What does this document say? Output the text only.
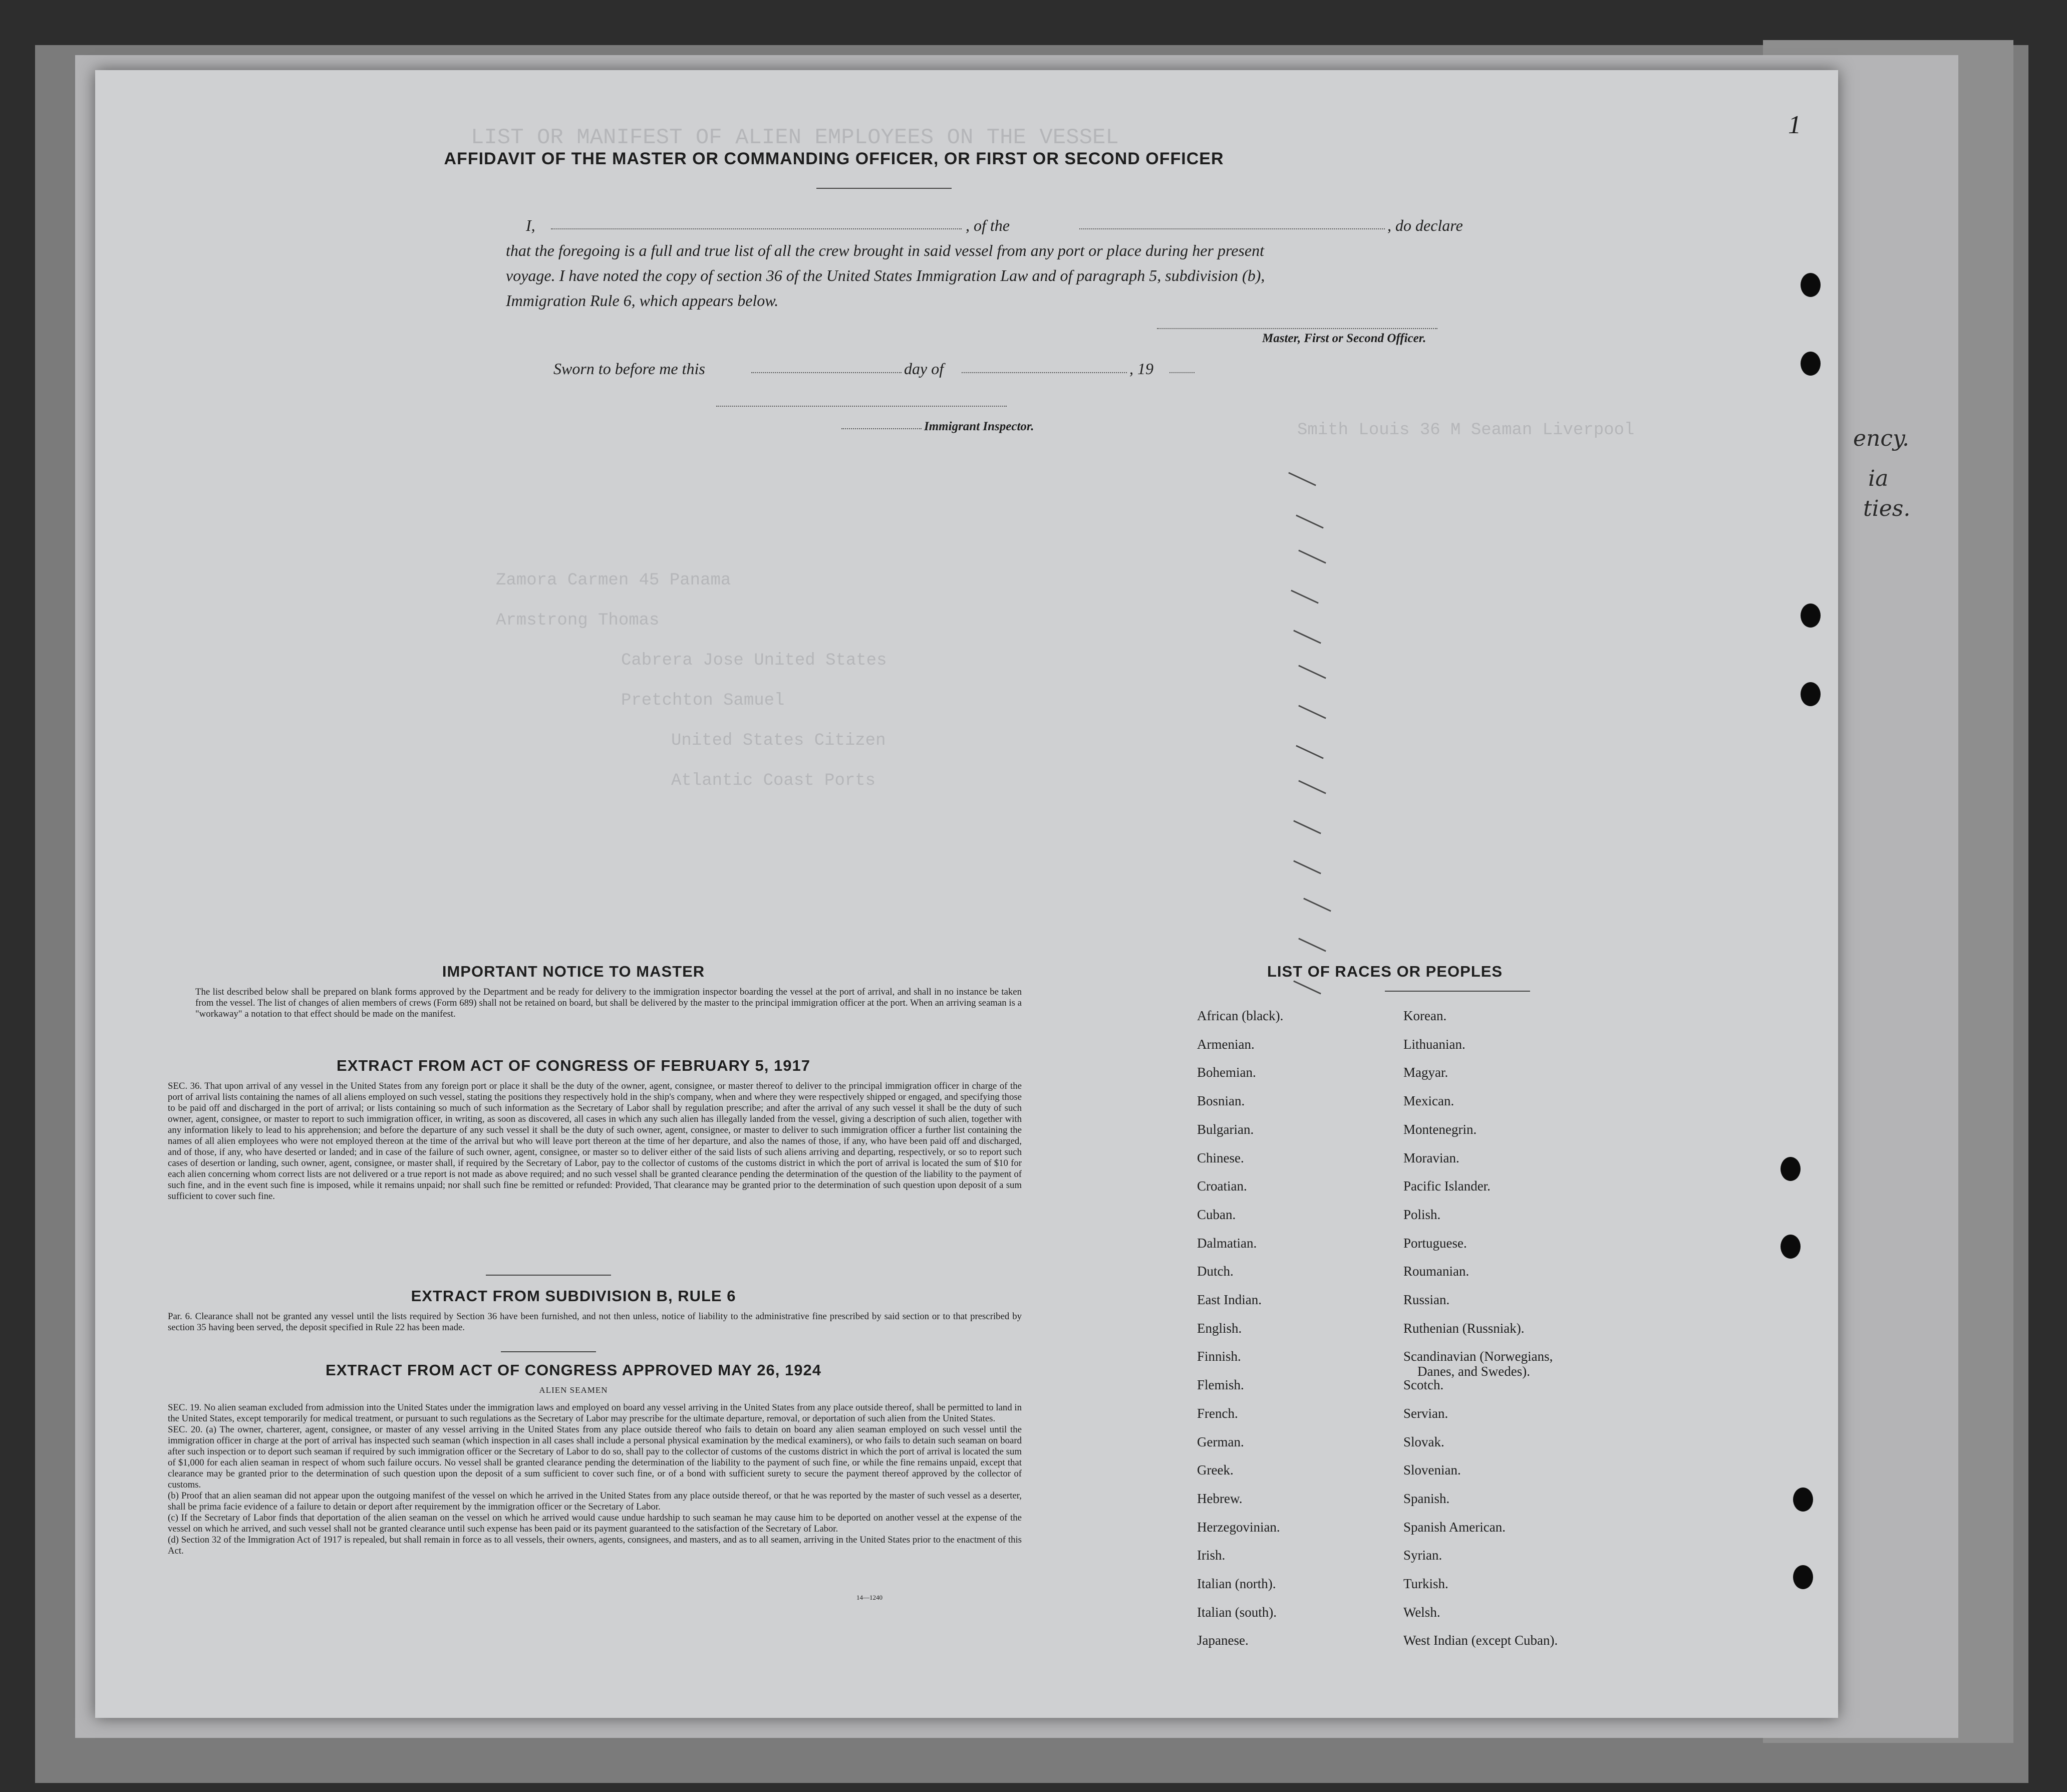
ency.
ia
ties.
LIST OR MANIFEST OF ALIEN EMPLOYEES ON THE VESSEL
Smith Louis 36 M Seaman Liverpool
Zamora Carmen 45 Panama
Armstrong Thomas
Cabrera Jose United States
Pretchton Samuel
United States Citizen
Atlantic Coast Ports
1
AFFIDAVIT OF THE MASTER OR COMMANDING OFFICER, OR FIRST OR SECOND OFFICER
I,	, of the	, do declare
that the foregoing is a full and true list of all the crew brought in said vessel from any port or place during her present
voyage. I have noted the copy of section 36 of the United States Immigration Law and of paragraph 5, subdivision (b),
Immigration Rule 6, which appears below.
Master, First or Second Officer.
Sworn to before me this	day of	, 19
Immigrant Inspector.
IMPORTANT NOTICE TO MASTER
The list described below shall be prepared on blank forms approved by the Department and be ready for delivery to the immigration inspector boarding the vessel at the port of arrival, and shall in no instance be taken from the vessel. The list of changes of alien members of crews (Form 689) shall not be retained on board, but shall be delivered by the master to the principal immigration officer at the port. When an arriving seaman is a "workaway" a notation to that effect should be made on the manifest.
EXTRACT FROM ACT OF CONGRESS OF FEBRUARY 5, 1917
SEC. 36. That upon arrival of any vessel in the United States from any foreign port or place it shall be the duty of the owner, agent, consignee, or master thereof to deliver to the principal immigration officer in charge of the port of arrival lists containing the names of all aliens employed on such vessel, stating the positions they respectively hold in the ship's company, when and where they were respectively shipped or engaged, and specifying those to be paid off and discharged in the port of arrival; or lists containing so much of such information as the Secretary of Labor shall by regulation prescribe; and after the arrival of any such vessel it shall be the duty of such owner, agent, consignee, or master to report to such immigration officer, in writing, as soon as discovered, all cases in which any such alien has illegally landed from the vessel, giving a description of such alien, together with any information likely to lead to his apprehension; and before the departure of any such vessel it shall be the duty of such owner, agent, consignee, or master to deliver to such immigration officer a further list containing the names of all alien employees who were not employed thereon at the time of the arrival but who will leave port thereon at the time of her departure, and also the names of those, if any, who have been paid off and discharged, and of those, if any, who have deserted or landed; and in case of the failure of such owner, agent, consignee, or master so to deliver either of the said lists of such aliens arriving and departing, respectively, or so to report such cases of desertion or landing, such owner, agent, consignee, or master shall, if required by the Secretary of Labor, pay to the collector of customs of the customs district in which the port of arrival is located the sum of $10 for each alien concerning whom correct lists are not delivered or a true report is not made as above required; and no such vessel shall be granted clearance pending the determination of the question of the liability to the payment of such fine, and in the event such fine is imposed, while it remains unpaid; nor shall such fine be remitted or refunded: Provided, That clearance may be granted prior to the determination of such question upon deposit of a sum sufficient to cover such fine.
EXTRACT FROM SUBDIVISION B, RULE 6
Par. 6. Clearance shall not be granted any vessel until the lists required by Section 36 have been furnished, and not then unless, notice of liability to the administrative fine prescribed by said section or to that prescribed by section 35 having been served, the deposit specified in Rule 22 has been made.
EXTRACT FROM ACT OF CONGRESS APPROVED MAY 26, 1924
ALIEN SEAMEN

SEC. 19. No alien seaman excluded from admission into the United States under the immigration laws and employed on board any vessel arriving in the United States from any place outside thereof, shall be permitted to land in the United States, except temporarily for medical treatment, or pursuant to such regulations as the Secretary of Labor may prescribe for the ultimate departure, removal, or deportation of such alien from the United States.

SEC. 20. (a) The owner, charterer, agent, consignee, or master of any vessel arriving in the United States from any place outside thereof who fails to detain on board any alien seaman employed on such vessel until the immigration officer in charge at the port of arrival has inspected such seaman (which inspection in all cases shall include a personal physical examination by the medical examiners), or who fails to detain such seaman on board after such inspection or to deport such seaman if required by such immigration officer or the Secretary of Labor to do so, shall pay to the collector of customs of the customs district in which the port of arrival is located the sum of $1,000 for each alien seaman in respect of whom such failure occurs. No vessel shall be granted clearance pending the determination of the liability to the payment of such fine, or while the fine remains unpaid, except that clearance may be granted prior to the determination of such question upon the deposit of a sum sufficient to cover such fine, or of a bond with sufficient surety to secure the payment thereof approved by the collector of customs.

(b) Proof that an alien seaman did not appear upon the outgoing manifest of the vessel on which he arrived in the United States from any place outside thereof, or that he was reported by the master of such vessel as a deserter, shall be prima facie evidence of a failure to detain or deport after requirement by the immigration officer or the Secretary of Labor.

(c) If the Secretary of Labor finds that deportation of the alien seaman on the vessel on which he arrived would cause undue hardship to such seaman he may cause him to be deported on another vessel at the expense of the vessel on which he arrived, and such vessel shall not be granted clearance until such expense has been paid or its payment guaranteed to the satisfaction of the Secretary of Labor.

(d) Section 32 of the Immigration Act of 1917 is repealed, but shall remain in force as to all vessels, their owners, agents, consignees, and masters, and as to all seamen, arriving in the United States prior to the enactment of this Act.

14—1240
LIST OF RACES OR PEOPLES
African (black).
Armenian.
Bohemian.
Bosnian.
Bulgarian.
Chinese.
Croatian.
Cuban.
Dalmatian.
Dutch.
East Indian.
English.
Finnish.
Flemish.
French.
German.
Greek.
Hebrew.
Herzegovinian.
Irish.
Italian (north).
Italian (south).
Japanese.
Korean.
Lithuanian.
Magyar.
Mexican.
Montenegrin.
Moravian.
Pacific Islander.
Polish.
Portuguese.
Roumanian.
Russian.
Ruthenian (Russniak).
Scandinavian (Norwegians,
Danes, and Swedes).
Scotch.
Servian.
Slovak.
Slovenian.
Spanish.
Spanish American.
Syrian.
Turkish.
Welsh.
West Indian (except Cuban).
